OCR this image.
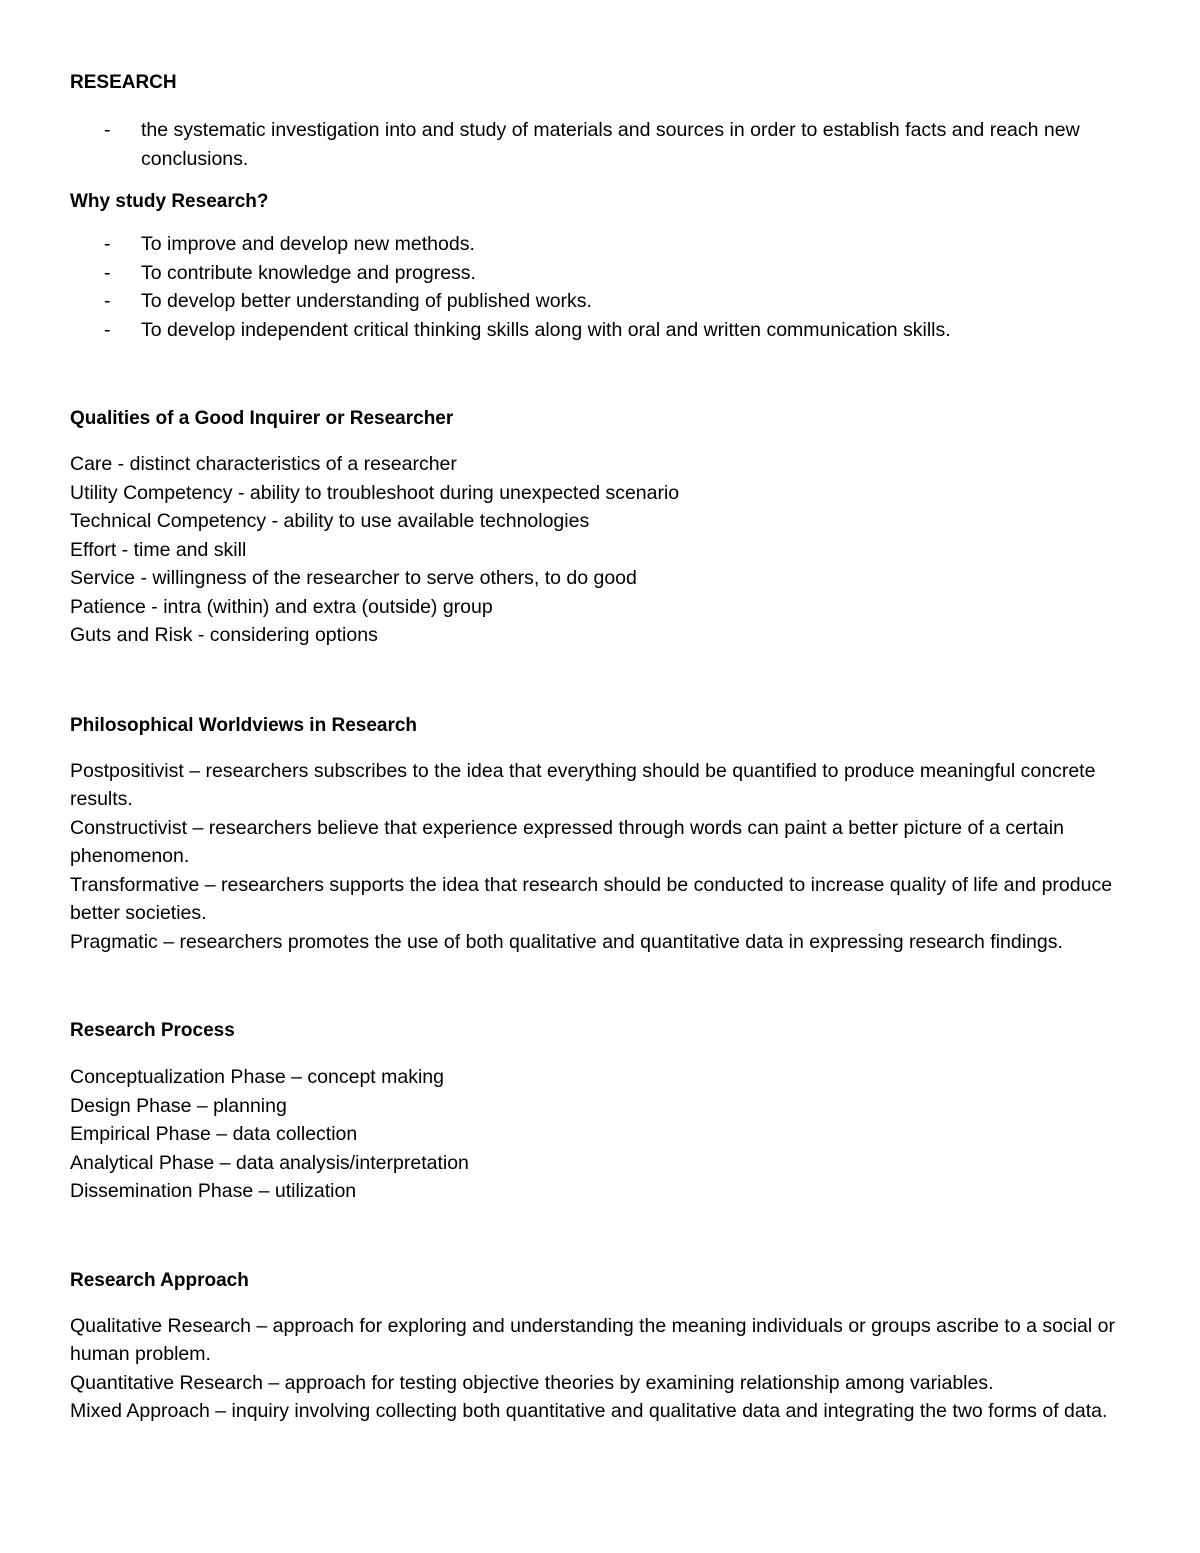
RESEARCH
- the systematic investigation into and study of materials and sources in order to establish facts and reach new conclusions.
Why study Research?
- To improve and develop new methods.
- To contribute knowledge and progress.
- To develop better understanding of published works.
- To develop independent critical thinking skills along with oral and written communication skills.
Qualities of a Good Inquirer or Researcher

Care - distinct characteristics of a researcher

Utility Competency - ability to troubleshoot during unexpected scenario

Technical Competency - ability to use available technologies

Effort - time and skill

Service - willingness of the researcher to serve others, to do good

Patience - intra (within) and extra (outside) group

Guts and Risk - considering options

Philosophical Worldviews in Research

Postpositivist – researchers subscribes to the idea that everything should be quantified to produce meaningful concrete results.

Constructivist – researchers believe that experience expressed through words can paint a better picture of a certain phenomenon.

Transformative – researchers supports the idea that research should be conducted to increase quality of life and produce better societies.

Pragmatic – researchers promotes the use of both qualitative and quantitative data in expressing research findings.

Research Process

Conceptualization Phase – concept making

Design Phase – planning

Empirical Phase – data collection

Analytical Phase – data analysis/interpretation

Dissemination Phase – utilization

Research Approach

Qualitative Research – approach for exploring and understanding the meaning individuals or groups ascribe to a social or human problem.

Quantitative Research – approach for testing objective theories by examining relationship among variables.

Mixed Approach – inquiry involving collecting both quantitative and qualitative data and integrating the two forms of data.
